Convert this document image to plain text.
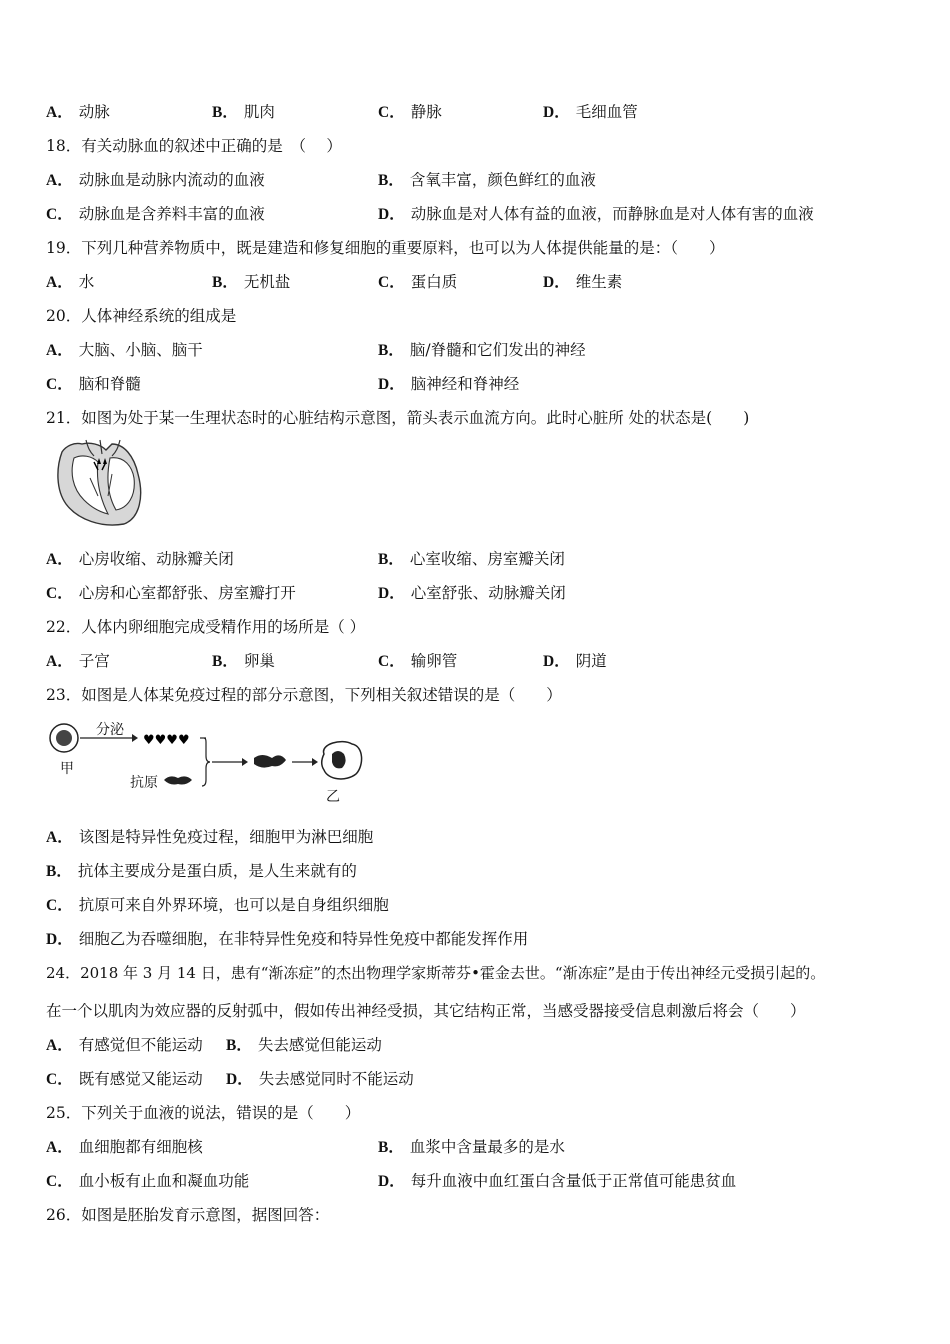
A． 动脉	B． 肌肉	C． 静脉	D． 毛细血管
18．有关动脉血的叙述中正确的是　（　 ）
A． 动脉血是动脉内流动的血液	B． 含氧丰富，颜色鲜红的血液
C． 动脉血是含养料丰富的血液	D． 动脉血是对人体有益的血液，而静脉血是对人体有害的血液
19．下列几种营养物质中，既是建造和修复细胞的重要原料，也可以为人体提供能量的是：（　　）
A． 水	B． 无机盐	C． 蛋白质	D． 维生素
20．人体神经系统的组成是
A． 大脑、小脑、脑干	B． 脑/脊髓和它们发出的神经
C． 脑和脊髓	D． 脑神经和脊神经
21．如图为处于某一生理状态时的心脏结构示意图，箭头表示血流方向。此时心脏所 处的状态是(　　)
A． 心房收缩、动脉瓣关闭	B． 心室收缩、房室瓣关闭
C． 心房和心室都舒张、房室瓣打开	D． 心室舒张、动脉瓣关闭
22．人体内卵细胞完成受精作用的场所是（ ）
A． 子宫	B． 卵巢	C． 输卵管	D． 阴道
23．如图是人体某免疫过程的部分示意图，下列相关叙述错误的是（　　）
♥♥♥♥
甲
分泌
抗原
乙
A． 该图是特异性免疫过程，细胞甲为淋巴细胞
B． 抗体主要成分是蛋白质，是人生来就有的
C． 抗原可来自外界环境，也可以是自身组织细胞
D． 细胞乙为吞噬细胞，在非特异性免疫和特异性免疫中都能发挥作用
24．2018 年 3 月 14 日，患有“渐冻症”的杰出物理学家斯蒂芬•霍金去世。“渐冻症”是由于传出神经元受损引起的。
在一个以肌肉为效应器的反射弧中，假如传出神经受损，其它结构正常，当感受器接受信息刺激后将会（　　）
A． 有感觉但不能运动 B． 失去感觉但能运动
C． 既有感觉又能运动 D． 失去感觉同时不能运动
25．下列关于血液的说法，错误的是（　　）
A． 血细胞都有细胞核	B． 血浆中含量最多的是水
C． 血小板有止血和凝血功能	D． 每升血液中血红蛋白含量低于正常值可能患贫血
26．如图是胚胎发育示意图，据图回答：
